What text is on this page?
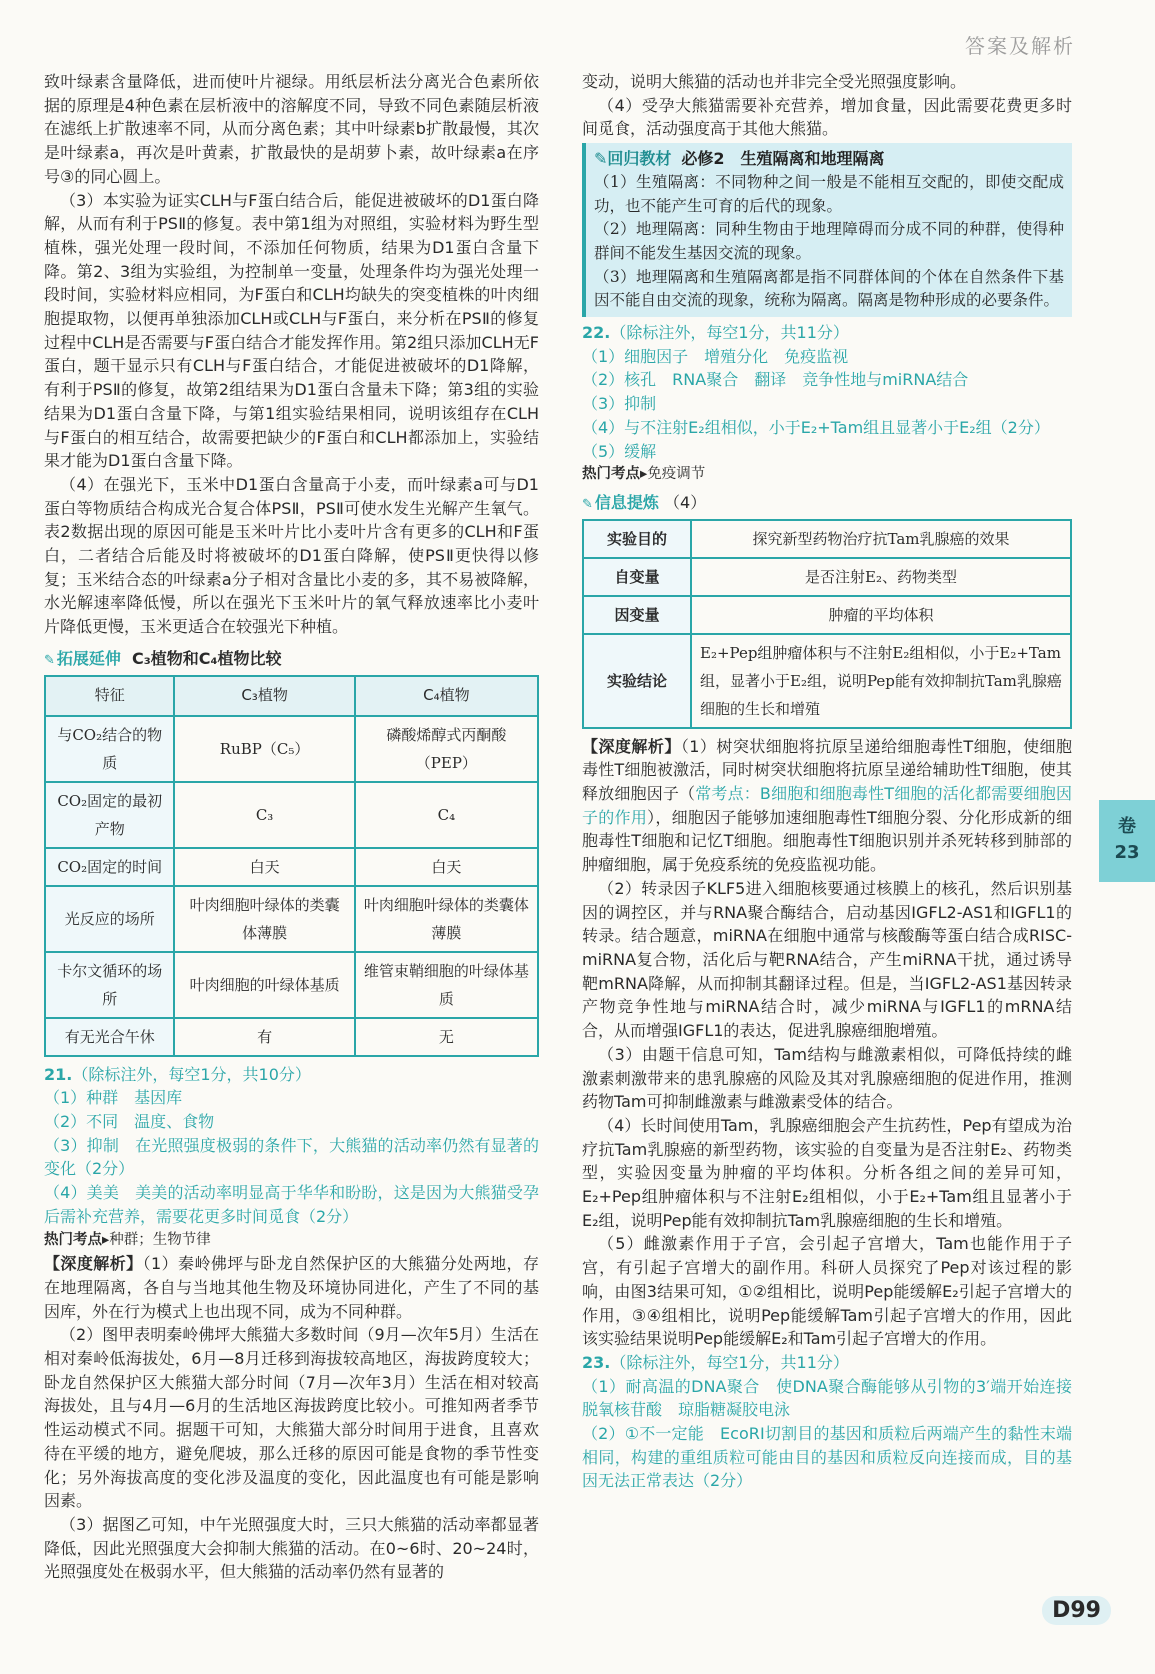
答案及解析

致叶绿素含量降低，进而使叶片褪绿。用纸层析法分离光合色素所依据的原理是4种色素在层析液中的溶解度不同，导致不同色素随层析液在滤纸上扩散速率不同，从而分离色素；其中叶绿素b扩散最慢，其次是叶绿素a，再次是叶黄素，扩散最快的是胡萝卜素，故叶绿素a在序号③的同心圆上。

（3）本实验为证实CLH与F蛋白结合后，能促进被破坏的D1蛋白降解，从而有利于PSⅡ的修复。表中第1组为对照组，实验材料为野生型植株，强光处理一段时间，不添加任何物质，结果为D1蛋白含量下降。第2、3组为实验组，为控制单一变量，处理条件均为强光处理一段时间，实验材料应相同，为F蛋白和CLH均缺失的突变植株的叶肉细胞提取物，以便再单独添加CLH或CLH与F蛋白，来分析在PSⅡ的修复过程中CLH是否需要与F蛋白结合才能发挥作用。第2组只添加CLH无F蛋白，题干显示只有CLH与F蛋白结合，才能促进被破坏的D1降解，有利于PSⅡ的修复，故第2组结果为D1蛋白含量未下降；第3组的实验结果为D1蛋白含量下降，与第1组实验结果相同，说明该组存在CLH与F蛋白的相互结合，故需要把缺少的F蛋白和CLH都添加上，实验结果才能为D1蛋白含量下降。

（4）在强光下，玉米中D1蛋白含量高于小麦，而叶绿素a可与D1蛋白等物质结合构成光合复合体PSⅡ，PSⅡ可使水发生光解产生氧气。表2数据出现的原因可能是玉米叶片比小麦叶片含有更多的CLH和F蛋白，二者结合后能及时将被破坏的D1蛋白降解，使PSⅡ更快得以修复；玉米结合态的叶绿素a分子相对含量比小麦的多，其不易被降解，水光解速率降低慢，所以在强光下玉米叶片的氧气释放速率比小麦叶片降低更慢，玉米更适合在较强光下种植。

✎ 拓展延伸 C₃植物和C₄植物比较
特征	C₃植物	C₄植物
与CO₂结合的物质	RuBP（C₅）	磷酸烯醇式丙酮酸（PEP）
CO₂固定的最初产物	C₃	C₄
CO₂固定的时间	白天	白天
光反应的场所	叶肉细胞叶绿体的类囊体薄膜	叶肉细胞叶绿体的类囊体薄膜
卡尔文循环的场所	叶肉细胞的叶绿体基质	维管束鞘细胞的叶绿体基质
有无光合午休	有	无

21.（除标注外，每空1分，共10分）

（1）种群　基因库

（2）不同　温度、食物

（3）抑制　在光照强度极弱的条件下，大熊猫的活动率仍然有显著的变化（2分）

（4）美美　美美的活动率明显高于华华和盼盼，这是因为大熊猫受孕后需补充营养，需要花更多时间觅食（2分）

热门考点▸种群；生物节律

【深度解析】（1）秦岭佛坪与卧龙自然保护区的大熊猫分处两地，存在地理隔离，各自与当地其他生物及环境协同进化，产生了不同的基因库，外在行为模式上也出现不同，成为不同种群。

（2）图甲表明秦岭佛坪大熊猫大多数时间（9月—次年5月）生活在相对秦岭低海拔处，6月—8月迁移到海拔较高地区，海拔跨度较大；卧龙自然保护区大熊猫大部分时间（7月—次年3月）生活在相对较高海拔处，且与4月—6月的生活地区海拔跨度比较小。可推知两者季节性运动模式不同。据题干可知，大熊猫大部分时间用于进食，且喜欢待在平缓的地方，避免爬坡，那么迁移的原因可能是食物的季节性变化；另外海拔高度的变化涉及温度的变化，因此温度也有可能是影响因素。

（3）据图乙可知，中午光照强度大时，三只大熊猫的活动率都显著降低，因此光照强度大会抑制大熊猫的活动。在0~6时、20~24时，光照强度处在极弱水平，但大熊猫的活动率仍然有显著的

变动，说明大熊猫的活动也并非完全受光照强度影响。

（4）受孕大熊猫需要补充营养，增加食量，因此需要花费更多时间觅食，活动强度高于其他大熊猫。

✎回归教材 必修2　生殖隔离和地理隔离

（1）生殖隔离：不同物种之间一般是不能相互交配的，即使交配成功，也不能产生可育的后代的现象。

（2）地理隔离：同种生物由于地理障碍而分成不同的种群，使得种群间不能发生基因交流的现象。

（3）地理隔离和生殖隔离都是指不同群体间的个体在自然条件下基因不能自由交流的现象，统称为隔离。隔离是物种形成的必要条件。

22.（除标注外，每空1分，共11分）

（1）细胞因子　增殖分化　免疫监视

（2）核孔　RNA聚合　翻译　竞争性地与miRNA结合

（3）抑制

（4）与不注射E₂组相似，小于E₂+Tam组且显著小于E₂组（2分）

（5）缓解

热门考点▸免疫调节

✎ 信息提炼 （4）
实验目的	探究新型药物治疗抗Tam乳腺癌的效果
自变量	是否注射E₂、药物类型
因变量	肿瘤的平均体积
实验结论	E₂+Pep组肿瘤体积与不注射E₂组相似，小于E₂+Tam组，显著小于E₂组，说明Pep能有效抑制抗Tam乳腺癌细胞的生长和增殖

【深度解析】（1）树突状细胞将抗原呈递给细胞毒性T细胞，使细胞毒性T细胞被激活，同时树突状细胞将抗原呈递给辅助性T细胞，使其释放细胞因子（常考点：B细胞和细胞毒性T细胞的活化都需要细胞因子的作用），细胞因子能够加速细胞毒性T细胞分裂、分化形成新的细胞毒性T细胞和记忆T细胞。细胞毒性T细胞识别并杀死转移到肺部的肿瘤细胞，属于免疫系统的免疫监视功能。

（2）转录因子KLF5进入细胞核要通过核膜上的核孔，然后识别基因的调控区，并与RNA聚合酶结合，启动基因IGFL2-AS1和IGFL1的转录。结合题意，miRNA在细胞中通常与核酸酶等蛋白结合成RISC-miRNA复合物，活化后与靶RNA结合，产生miRNA干扰，通过诱导靶mRNA降解，从而抑制其翻译过程。但是，当IGFL2-AS1基因转录产物竞争性地与miRNA结合时，减少miRNA与IGFL1的mRNA结合，从而增强IGFL1的表达，促进乳腺癌细胞增殖。

（3）由题干信息可知，Tam结构与雌激素相似，可降低持续的雌激素刺激带来的患乳腺癌的风险及其对乳腺癌细胞的促进作用，推测药物Tam可抑制雌激素与雌激素受体的结合。

（4）长时间使用Tam，乳腺癌细胞会产生抗药性，Pep有望成为治疗抗Tam乳腺癌的新型药物，该实验的自变量为是否注射E₂、药物类型，实验因变量为肿瘤的平均体积。分析各组之间的差异可知，E₂+Pep组肿瘤体积与不注射E₂组相似，小于E₂+Tam组且显著小于E₂组，说明Pep能有效抑制抗Tam乳腺癌细胞的生长和增殖。

（5）雌激素作用于子宫，会引起子宫增大，Tam也能作用于子宫，有引起子宫增大的副作用。科研人员探究了Pep对该过程的影响，由图3结果可知，①②组相比，说明Pep能缓解E₂引起子宫增大的作用，③④组相比，说明Pep能缓解Tam引起子宫增大的作用，因此该实验结果说明Pep能缓解E₂和Tam引起子宫增大的作用。

23.（除标注外，每空1分，共11分）

（1）耐高温的DNA聚合　使DNA聚合酶能够从引物的3′端开始连接脱氧核苷酸　琼脂糖凝胶电泳

（2）①不一定能　EcoRⅠ切割目的基因和质粒后两端产生的黏性末端相同，构建的重组质粒可能由目的基因和质粒反向连接而成，目的基因无法正常表达（2分）

卷
23
D99
